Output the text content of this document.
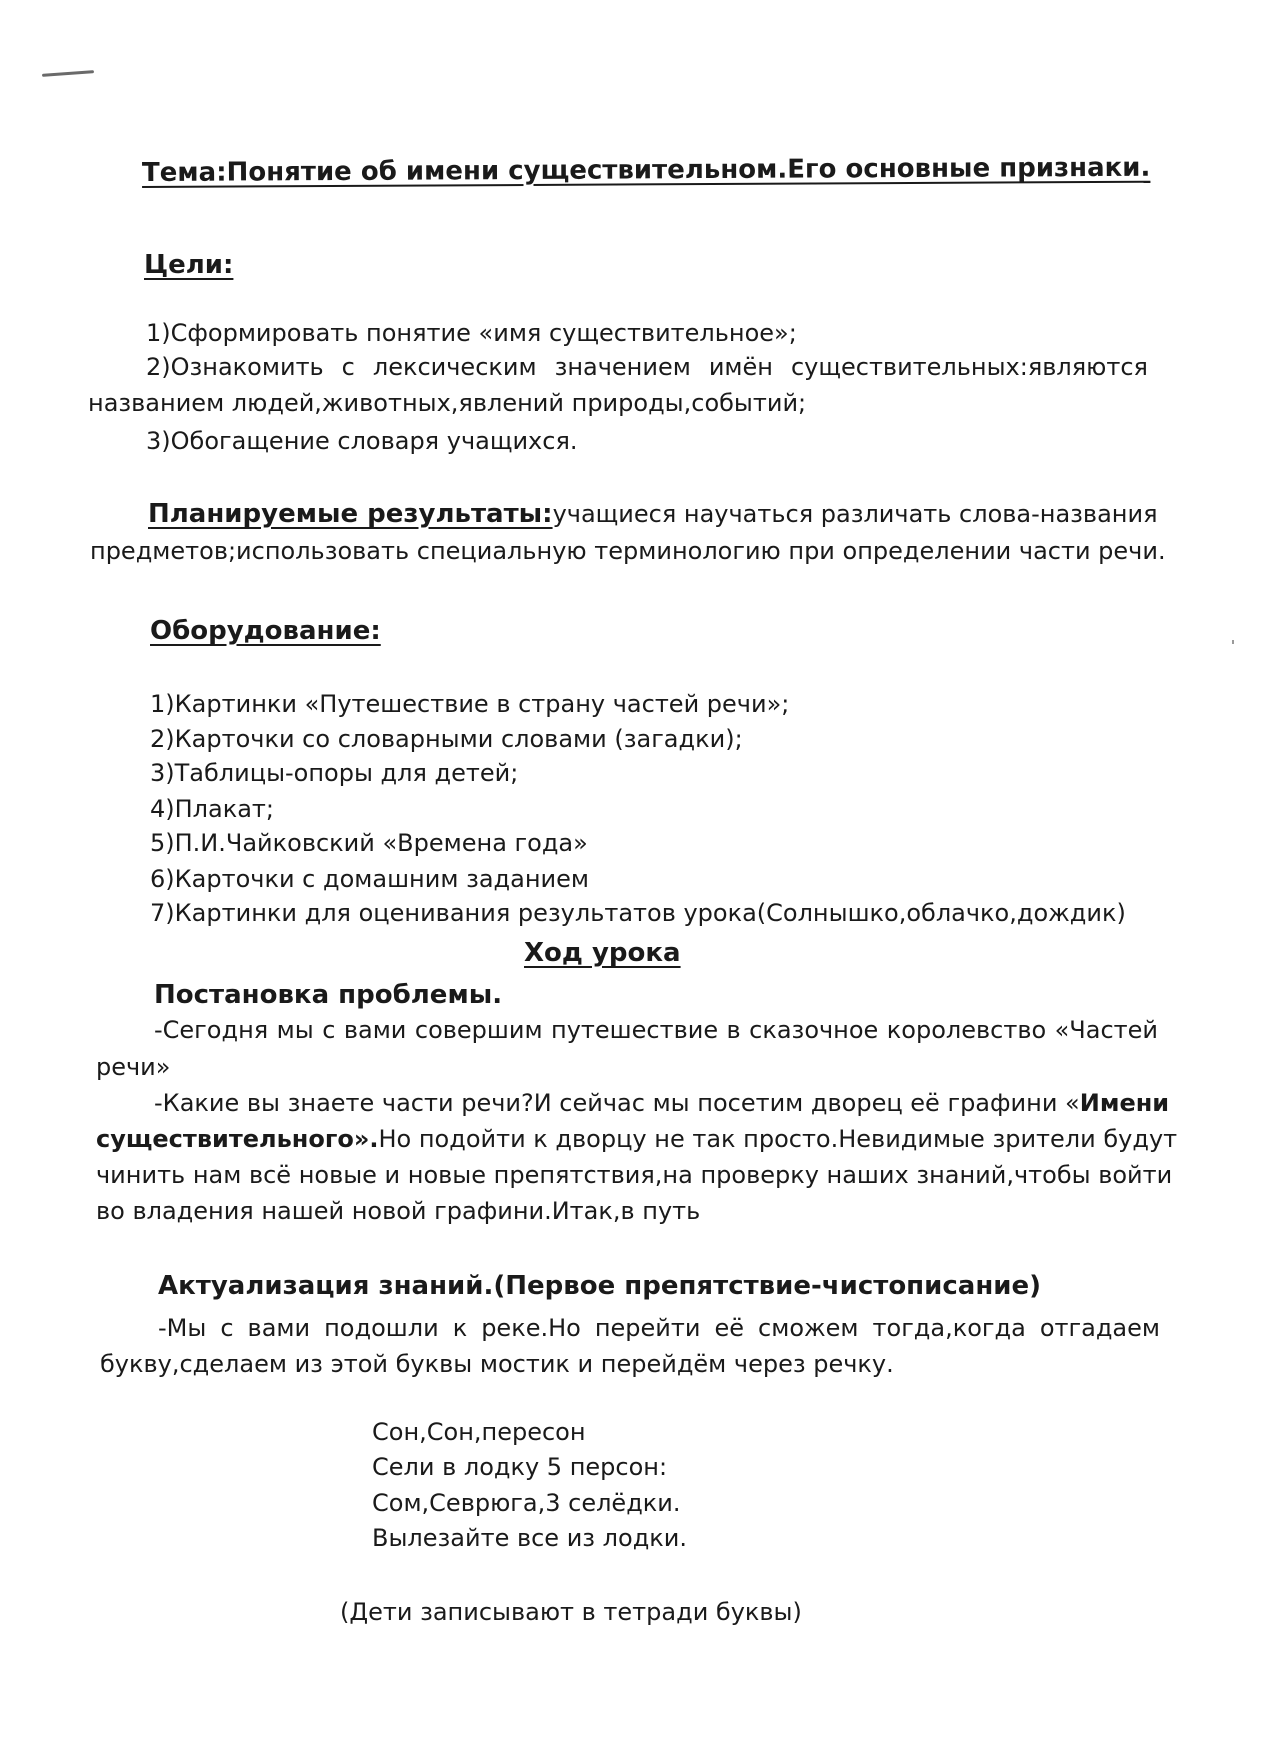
Тема:Понятие об имени существительном.Его основные признаки.
Цели:
1)Сформировать понятие «имя существительное»;
2)Ознакомить с лексическим значением имён существительных:являются
названием людей,животных,явлений природы,событий;
3)Обогащение словаря учащихся.
Планируемые результаты:учащиеся научаться различать слова-названия
предметов;использовать специальную терминологию при определении части речи.
Оборудование:
1)Картинки «Путешествие в страну частей речи»;
2)Карточки со словарными словами (загадки);
3)Таблицы-опоры для детей;
4)Плакат;
5)П.И.Чайковский «Времена года»
6)Карточки с домашним заданием
7)Картинки для оценивания результатов урока(Солнышко,облачко,дождик)
Ход урока
Постановка проблемы.
-Сегодня мы с вами совершим путешествие в сказочное королевство «Частей
речи»
-Какие вы знаете части речи?И сейчас мы посетим дворец её графини «Имени
существительного».Но подойти к дворцу не так просто.Невидимые зрители будут
чинить нам всё новые и новые препятствия,на проверку наших знаний,чтобы войти
во владения нашей новой графини.Итак,в путь
Актуализация знаний.(Первое препятствие-чистописание)
-Мы с вами подошли к реке.Но перейти её сможем тогда,когда отгадаем
букву,сделаем из этой буквы мостик и перейдём через речку.
Сон,Сон,пересон
Сели в лодку 5 персон:
Сом,Севрюга,3 селёдки.
Вылезайте все из лодки.
(Дети записывают в тетради буквы)
